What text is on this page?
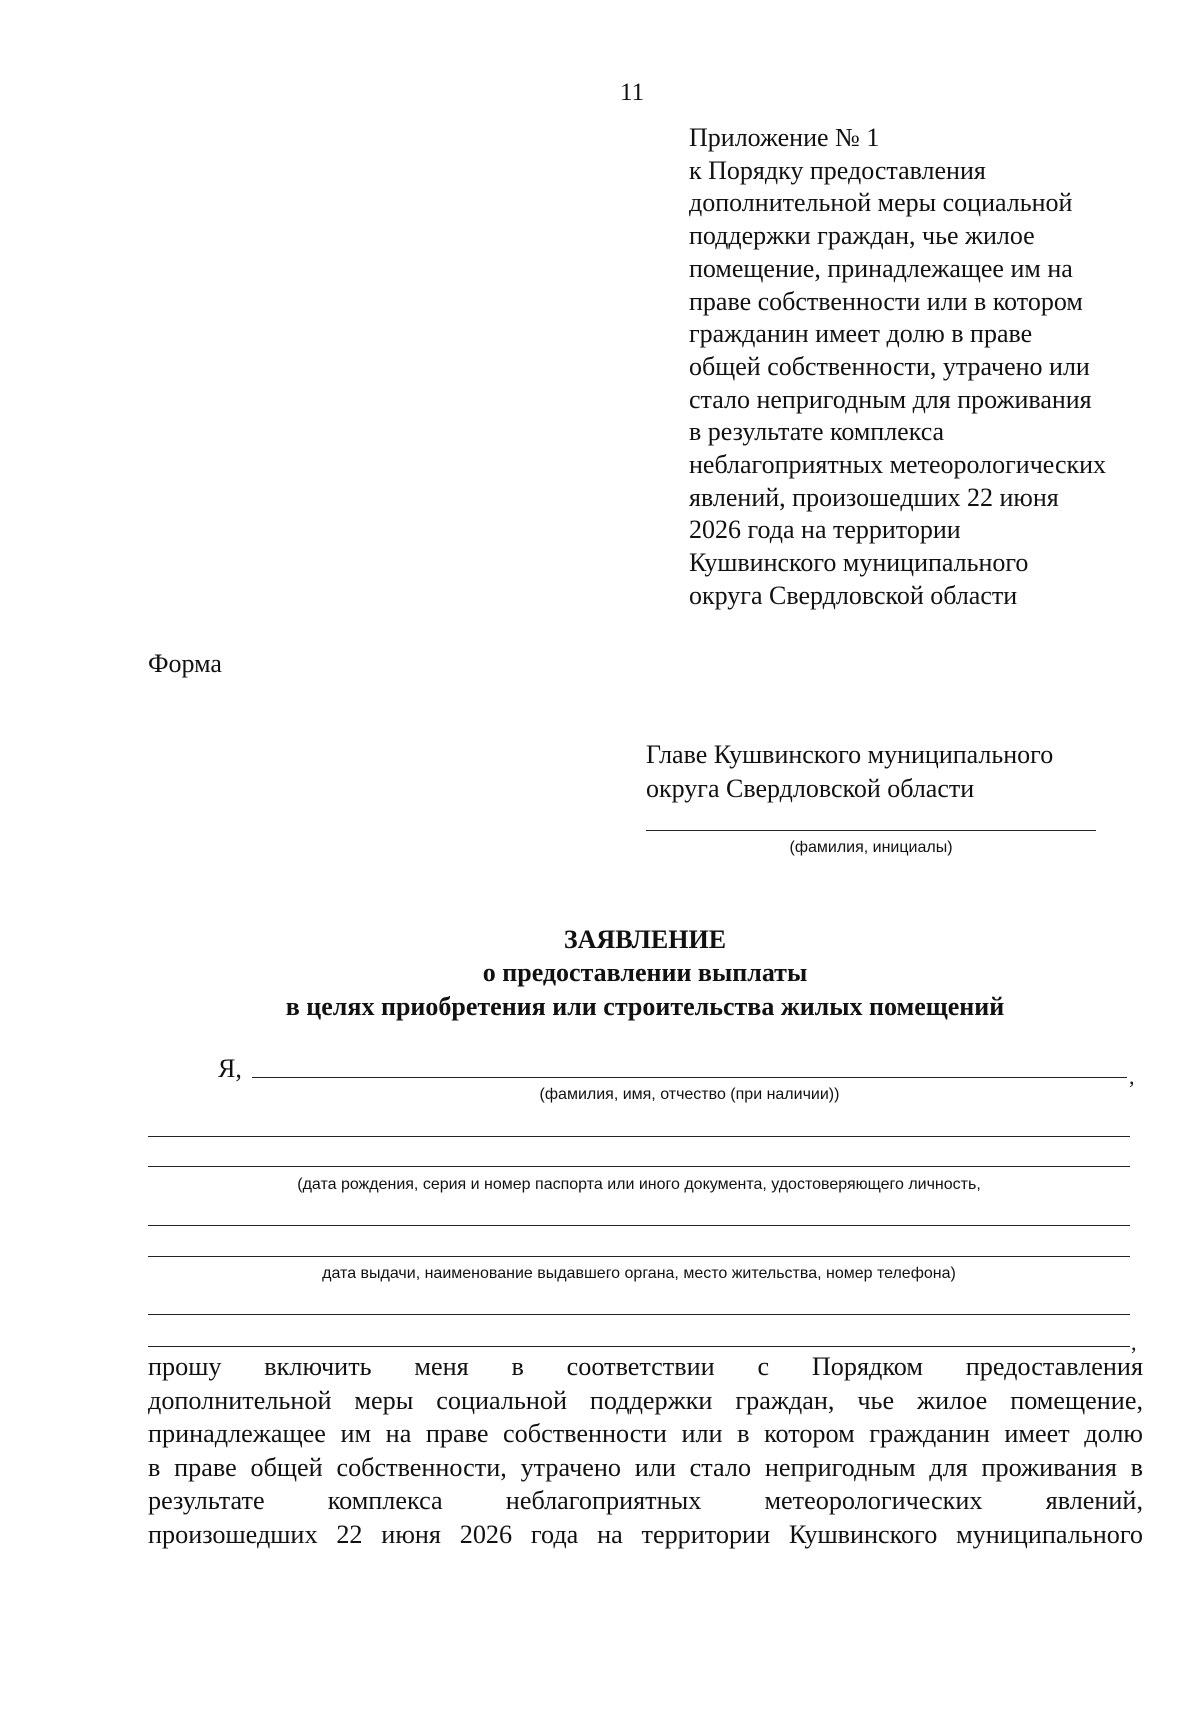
11
Приложение № 1
к Порядку предоставления
дополнительной меры социальной
поддержки граждан, чье жилое
помещение, принадлежащее им на
праве собственности или в котором
гражданин имеет долю в праве
общей собственности, утрачено или
стало непригодным для проживания
в результате комплекса
неблагоприятных метеорологических
явлений, произошедших 22 июня
2026 года на территории
Кушвинского муниципального
округа Свердловской области
Форма
Главе Кушвинского муниципального
округа Свердловской области
(фамилия, инициалы)
ЗАЯВЛЕНИЕ
о предоставлении выплаты
в целях приобретения или строительства жилых помещений
Я,	,
(фамилия, имя, отчество (при наличии))
(дата рождения, серия и номер паспорта или иного документа, удостоверяющего личность,
дата выдачи, наименование выдавшего органа, место жительства, номер телефона)
,
прошу включить меня в соответствии с Порядком предоставления
дополнительной меры социальной поддержки граждан, чье жилое помещение,
принадлежащее им на праве собственности или в котором гражданин имеет долю
в праве общей собственности, утрачено или стало непригодным для проживания в
результате комплекса неблагоприятных метеорологических явлений,
произошедших 22 июня 2026 года на территории Кушвинского муниципального
